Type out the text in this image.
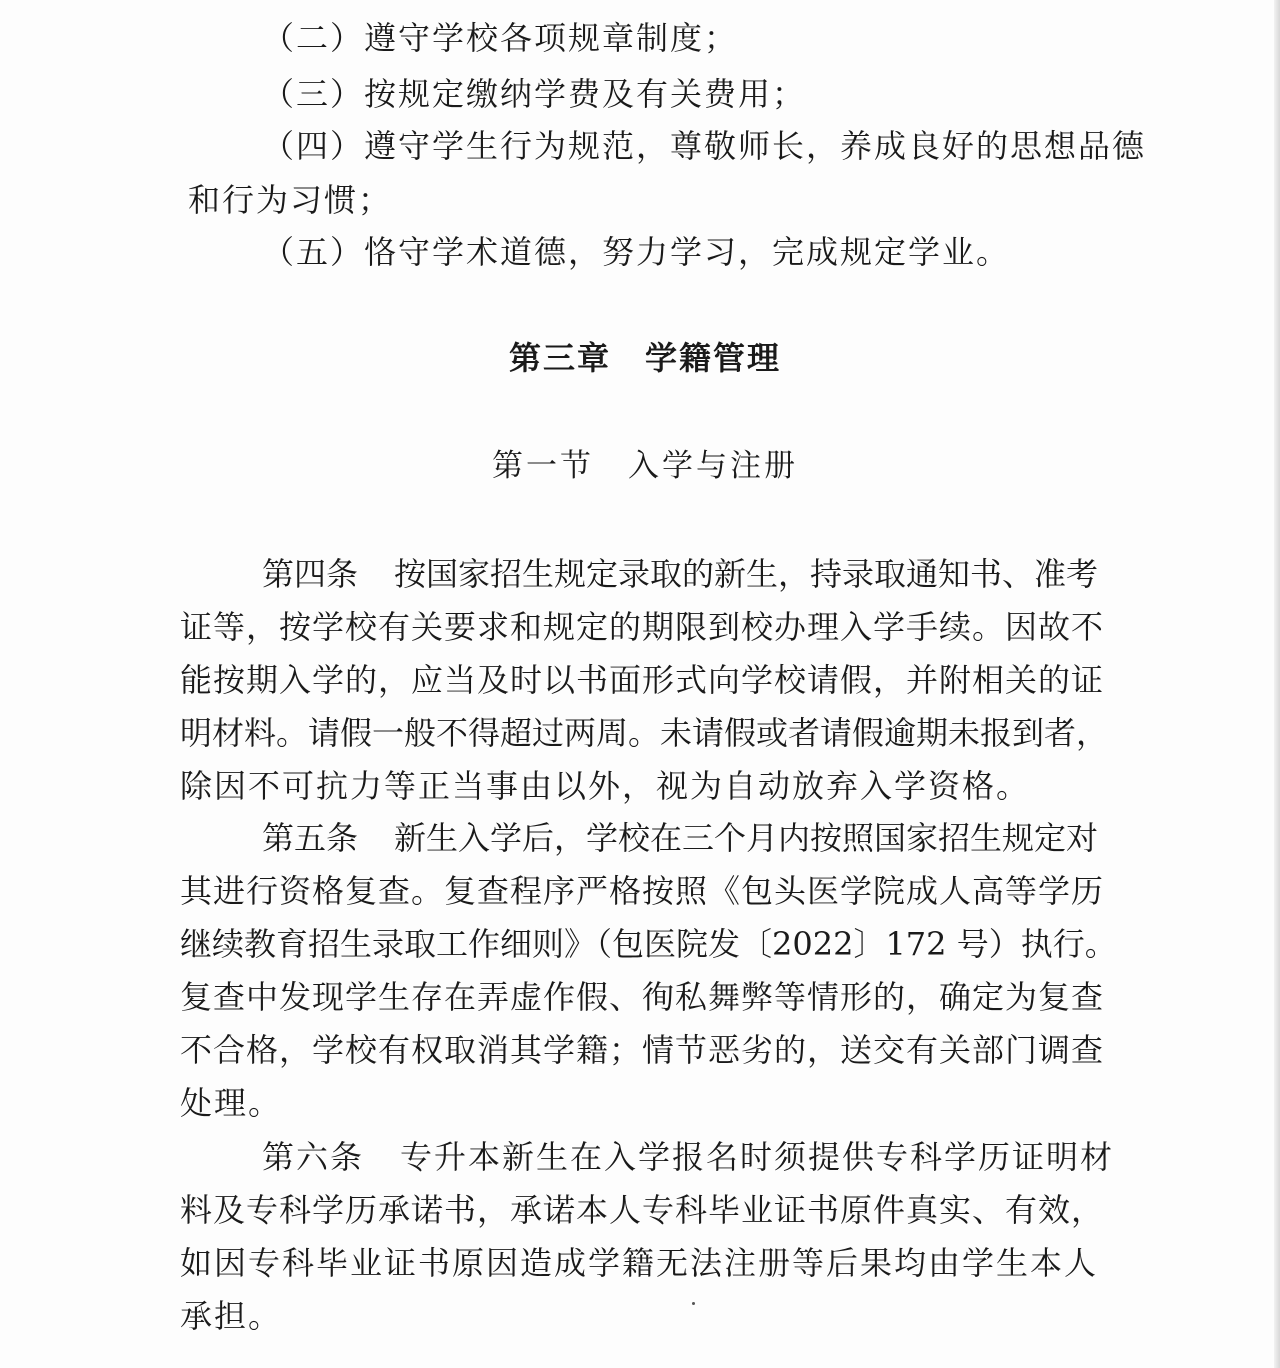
（二）遵守学校各项规章制度；
（三）按规定缴纳学费及有关费用；
（四）遵守学生行为规范，尊敬师长，养成良好的思想品德
和行为习惯；
（五）恪守学术道德，努力学习，完成规定学业。
第三章 学籍管理
第一节 入学与注册
第四条 按国家招生规定录取的新生，持录取通知书、准考
证等，按学校有关要求和规定的期限到校办理入学手续。因故不
能按期入学的，应当及时以书面形式向学校请假，并附相关的证
明材料。请假一般不得超过两周。未请假或者请假逾期未报到者，
除因不可抗力等正当事由以外，视为自动放弃入学资格。
第五条 新生入学后，学校在三个月内按照国家招生规定对
其进行资格复查。复查程序严格按照《包头医学院成人高等学历
继续教育招生录取工作细则》（包医院发〔2022〕172 号）执行。
复查中发现学生存在弄虚作假、徇私舞弊等情形的，确定为复查
不合格，学校有权取消其学籍；情节恶劣的，送交有关部门调查
处理。
第六条 专升本新生在入学报名时须提供专科学历证明材
料及专科学历承诺书，承诺本人专科毕业证书原件真实、有效，
如因专科毕业证书原因造成学籍无法注册等后果均由学生本人
承担。
